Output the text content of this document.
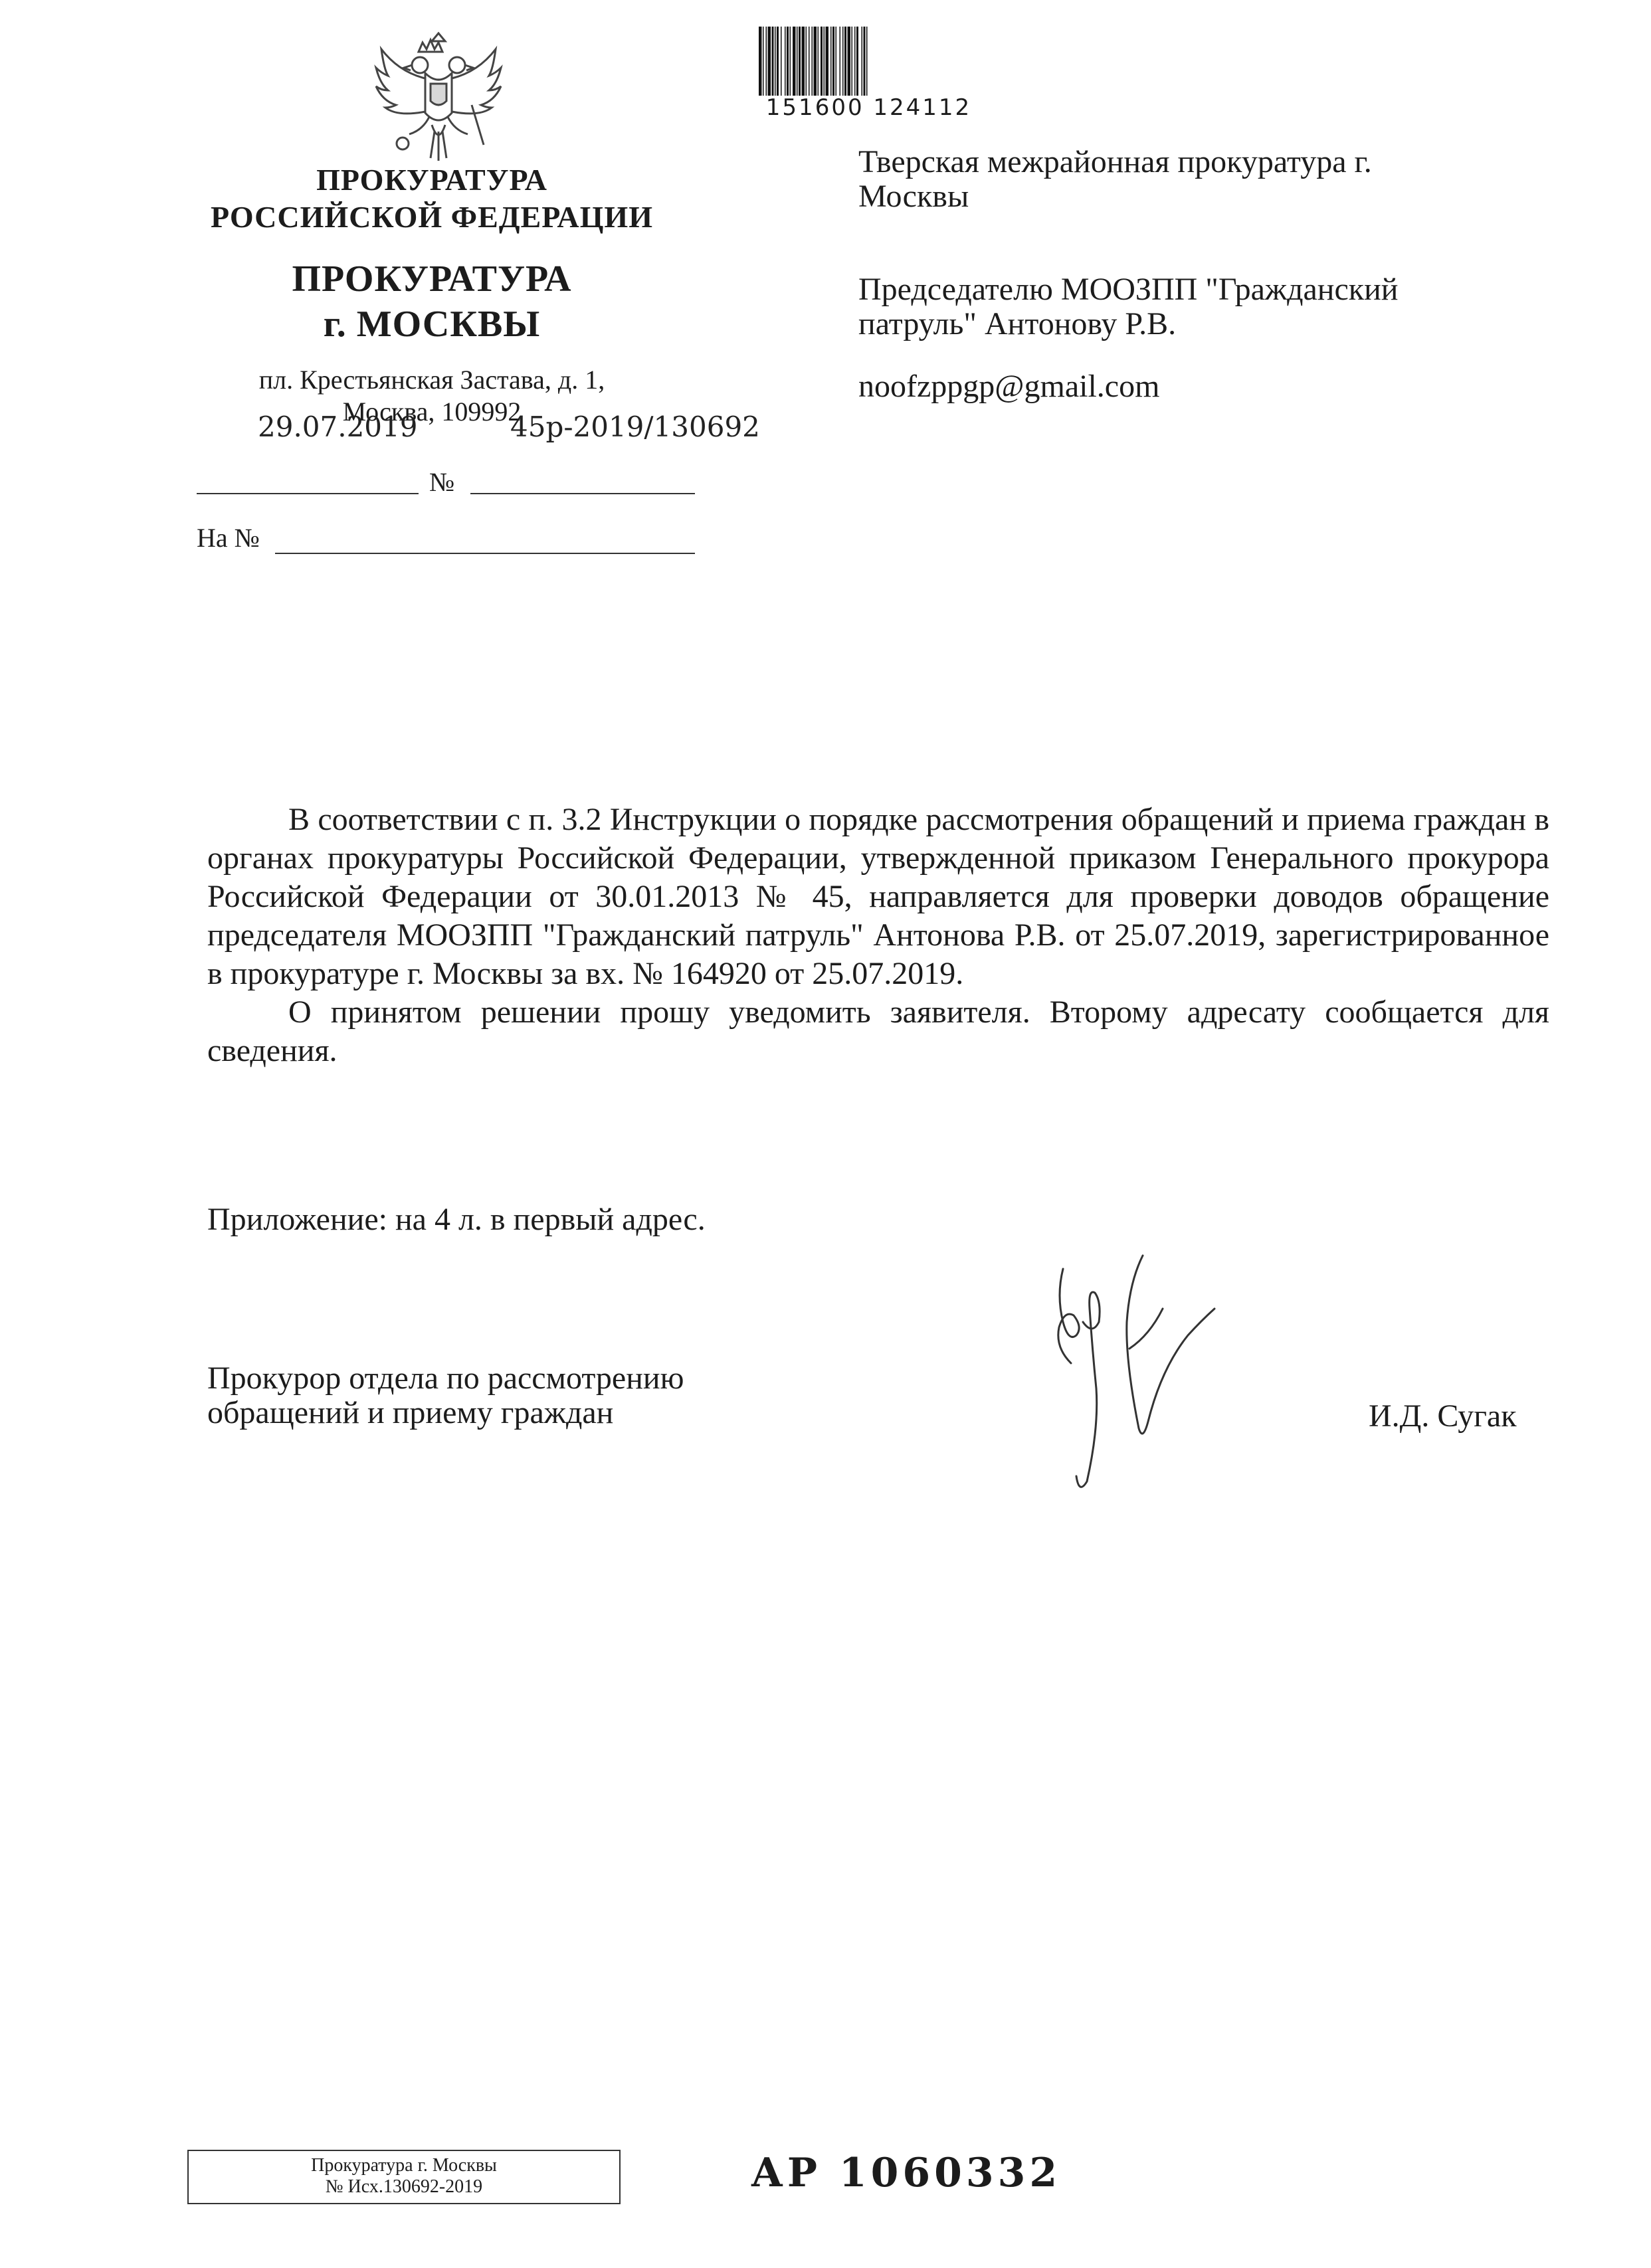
ПРОКУРАТУРА
РОССИЙСКОЙ ФЕДЕРАЦИИ
ПРОКУРАТУРА
г. МОСКВЫ
пл. Крестьянская Застава, д. 1,
Москва, 109992
29.07.2019	45р-2019/130692
№
На №
151600 124112
Тверская межрайонная прокуратура г.
Москвы
Председателю МООЗПП "Гражданский
патруль" Антонову Р.В.
noofzppgp@gmail.com

В соответствии с п. 3.2 Инструкции о порядке рассмотрения обращений и приема граждан в органах прокуратуры Российской Федерации, утвержденной приказом Генерального прокурора Российской Федерации от 30.01.2013 № 45, направляется для проверки доводов обращение председателя МООЗПП "Гражданский патруль" Антонова Р.В. от 25.07.2019, зарегистрированное в прокуратуре г. Москвы за вх. № 164920 от 25.07.2019.

О принятом решении прошу уведомить заявителя. Второму адресату сообщается для сведения.

Приложение: на 4 л. в первый адрес.
Прокурор отдела по рассмотрению
обращений и приему граждан	И.Д. Сугак
Прокуратура г. Москвы
№ Исх.130692-2019	АР 1060332
